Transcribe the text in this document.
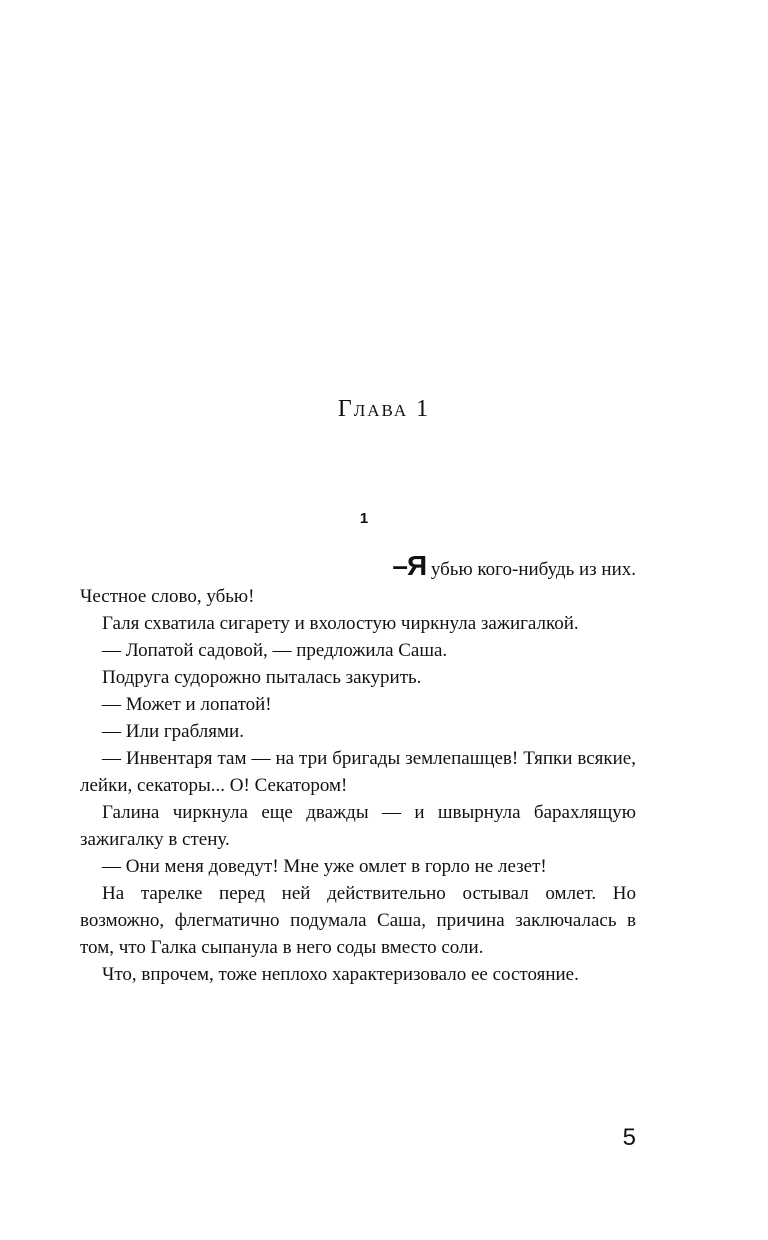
Глава 1
1

–Я убью кого-нибудь из них.

Честное слово, убью!

Галя схватила сигарету и вхолостую чиркнула зажигалкой.

— Лопатой садовой, — предложила Саша.

Подруга судорожно пыталась закурить.

— Может и лопатой!

— Или граблями.

— Инвентаря там — на три бригады землепашцев! Тяпки всякие, лейки, секаторы... О! Секатором!

Галина чиркнула еще дважды — и швырнула барахлящую зажигалку в стену.

— Они меня доведут! Мне уже омлет в горло не лезет!

На тарелке перед ней действительно остывал омлет. Но возможно, флегматично подумала Саша, причина заключалась в том, что Галка сыпанула в него соды вместо соли.

Что, впрочем, тоже неплохо характеризовало ее состояние.

5
